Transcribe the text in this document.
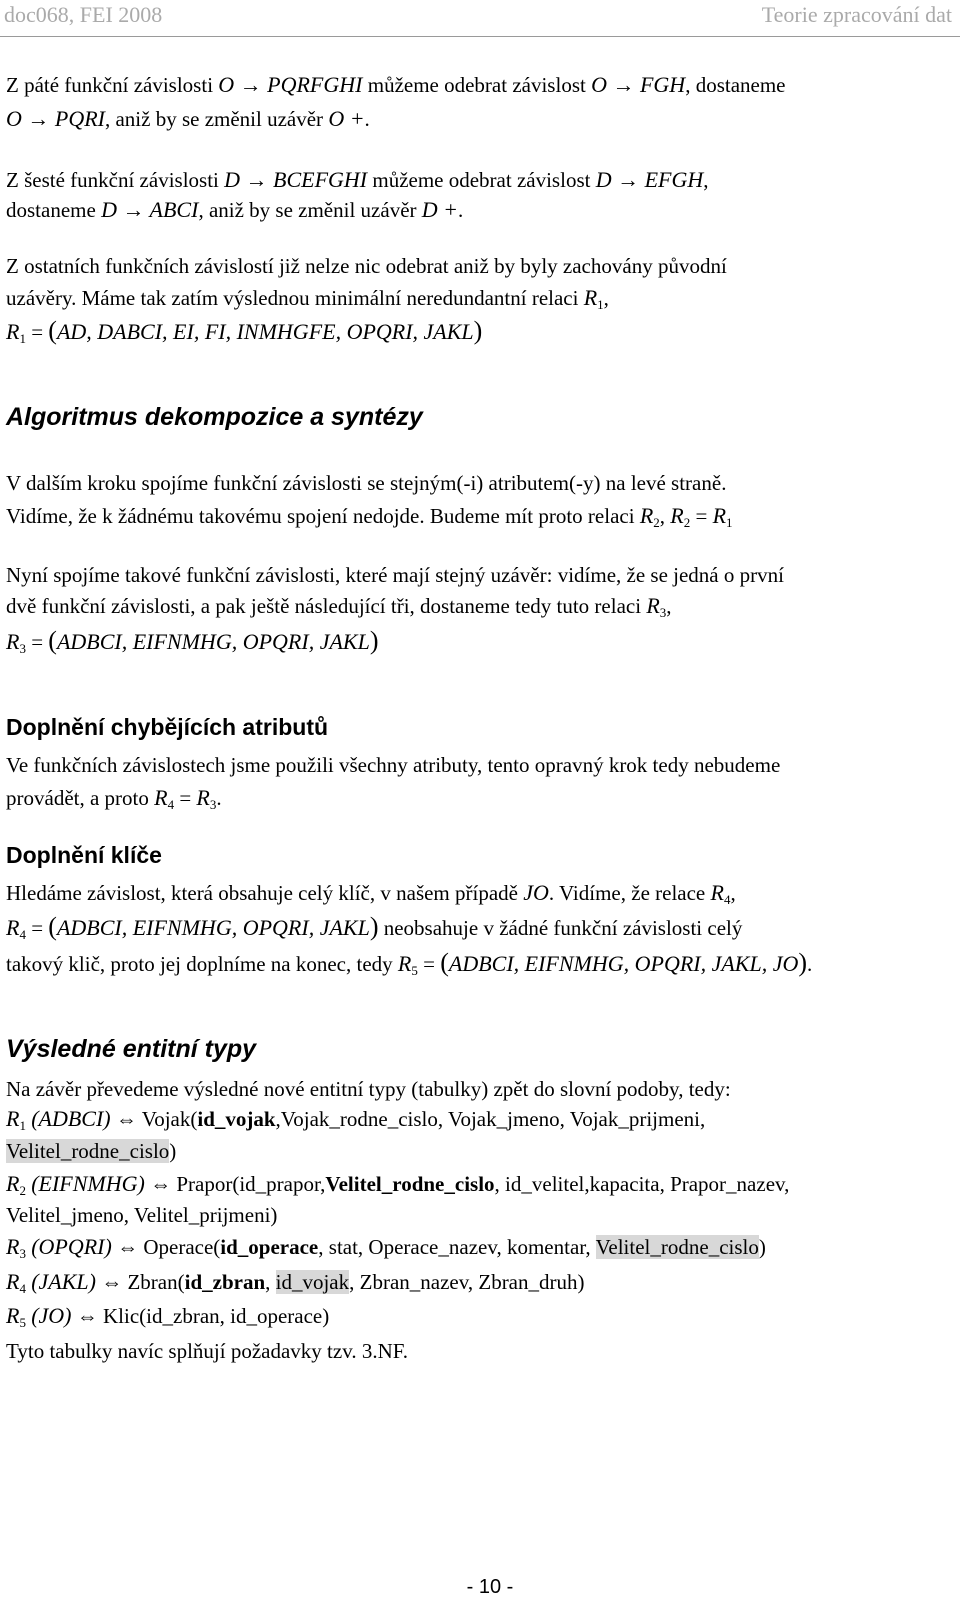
doc068, FEI 2008	Teorie zpracování dat
Z páté funkční závislosti O → PQRFGHI můžeme odebrat závislost O → FGH, dostaneme
O → PQRI, aniž by se změnil uzávěr O +.
Z šesté funkční závislosti D → BCEFGHI můžeme odebrat závislost D → EFGH,
dostaneme D → ABCI, aniž by se změnil uzávěr D +.
Z ostatních funkčních závislostí již nelze nic odebrat aniž by byly zachovány původní
uzávěry. Máme tak zatím výslednou minimální neredundantní relaci $R_1$,
$R_1 = (AD$, DABCI, EI, FI, INMHGFE, OPQRI, JAKL)
Algoritmus dekompozice a syntézy
V dalším kroku spojíme funkční závislosti se stejným(-i) atributem(-y) na levé straně.
Vidíme, že k žádnému takovému spojení nedojde. Budeme mít proto relaci $R_2$, $R_2 = R_1$
Nyní spojíme takové funkční závislosti, které mají stejný uzávěr: vidíme, že se jedná o první
dvě funkční závislosti, a pak ještě následující tři, dostaneme tedy tuto relaci $R_3$,
$R_3$ = (ADBCI, EIFNMHG, OPQRI, JAKL)
Doplnění chybějících atributů
Ve funkčních závislostech jsme použili všechny atributy, tento opravný krok tedy nebudeme
provádět, a proto $R_4 = R_3$.
Doplnění klíče
Hledáme závislost, která obsahuje celý klíč, v našem případě JO. Vidíme, že relace $R_4$,
$R_4$ = (ADBCI, EIFNMHG, OPQRI, JAKL) neobsahuje v žádné funkční závislosti celý
takový klič, proto jej doplníme na konec, tedy $R_5$ = (ADBCI, EIFNMHG, OPQRI, JAKL, JO).
Výsledné entitní typy
Na závěr převedeme výsledné nové entitní typy (tabulky) zpět do slovní podoby, tedy:
$R_1$ (ADBCI) ⇔ Vojak(id_vojak,Vojak_rodne_cislo, Vojak_jmeno, Vojak_prijmeni,
Velitel_rodne_cislo)
$R_2$ (EIFNMHG) ⇔ Prapor(id_prapor,Velitel_rodne_cislo, id_velitel,kapacita, Prapor_nazev,
Velitel_jmeno, Velitel_prijmeni)
$R_3$ (OPQRI) ⇔ Operace(id_operace, stat, Operace_nazev, komentar, Velitel_rodne_cislo)
$R_4$ (JAKL) ⇔ Zbran(id_zbran, id_vojak, Zbran_nazev, Zbran_druh)
$R_5$ (JO) ⇔ Klic(id_zbran, id_operace)
Tyto tabulky navíc splňují požadavky tzv. 3.NF.
- 10 -
